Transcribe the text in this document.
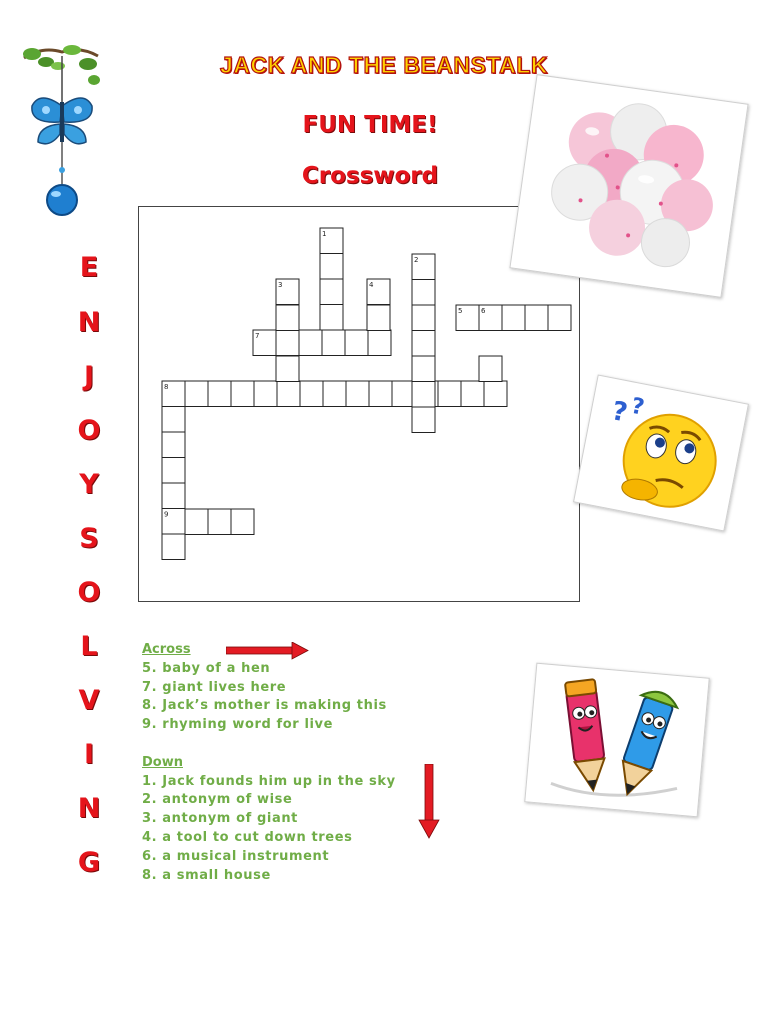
JACK AND THE BEANSTALK
FUN TIME!
Crossword
E
N
J
O
Y
S
O
L
V
I
N
G
1
2
3	4
5	6
7
8
9
? ?
Across
5. baby of a hen
7. giant lives here
8. Jack’s mother is making this
9. rhyming word for live
Down
1. Jack founds him up in the sky
2. antonym of wise
3. antonym of giant
4. a tool to cut down trees
6. a musical instrument
8. a small house
